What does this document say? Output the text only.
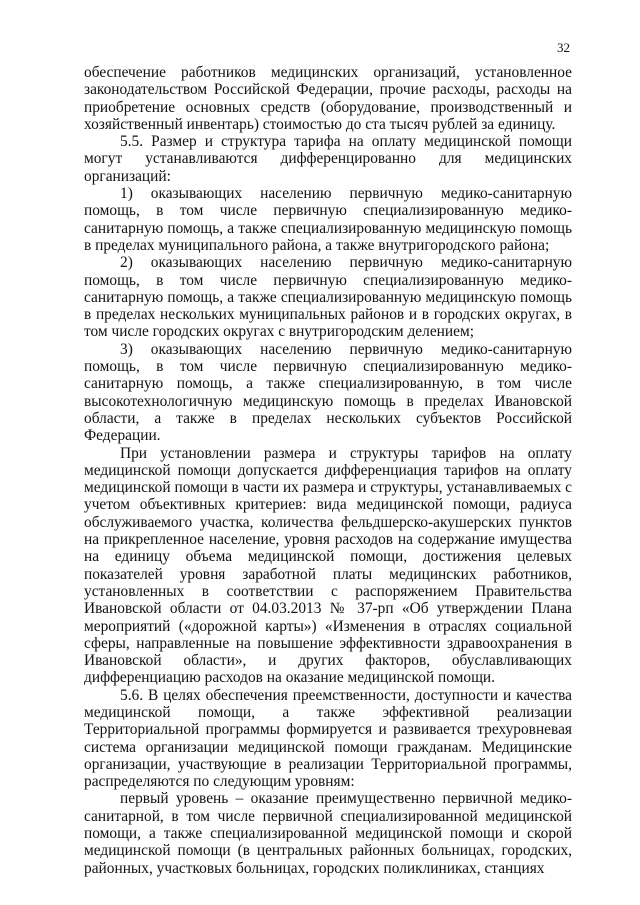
32

обеспечение работников медицинских организаций, установленное законодательством Российской Федерации, прочие расходы, расходы на приобретение основных средств (оборудование, производственный и хозяйственный инвентарь) стоимостью до ста тысяч рублей за единицу.

5.5. Размер и структура тарифа на оплату медицинской помощи могут устанавливаются дифференцированно для медицинских организаций:

1) оказывающих населению первичную медико-санитарную помощь, в том числе первичную специализированную медико-санитарную помощь, а также специализированную медицинскую помощь в пределах муниципального района, а также внутригородского района;

2) оказывающих населению первичную медико-санитарную помощь, в том числе первичную специализированную медико-санитарную помощь, а также специализированную медицинскую помощь в пределах нескольких муниципальных районов и в городских округах, в том числе городских округах с внутригородским делением;

3) оказывающих населению первичную медико-санитарную помощь, в том числе первичную специализированную медико-санитарную помощь, а также специализированную, в том числе высокотехнологичную медицинскую помощь в пределах Ивановской области, а также в пределах нескольких субъектов Российской Федерации.

При установлении размера и структуры тарифов на оплату медицинской помощи допускается дифференциация тарифов на оплату медицинской помощи в части их размера и структуры, устанавливаемых с учетом объективных критериев: вида медицинской помощи, радиуса обслуживаемого участка, количества фельдшерско-акушерских пунктов на прикрепленное население, уровня расходов на содержание имущества на единицу объема медицинской помощи, достижения целевых показателей уровня заработной платы медицинских работников, установленных в соответствии с распоряжением Правительства Ивановской области от 04.03.2013 № 37-рп «Об утверждении Плана мероприятий («дорожной карты») «Изменения в отраслях социальной сферы, направленные на повышение эффективности здравоохранения в Ивановской области», и других факторов, обуславливающих дифференциацию расходов на оказание медицинской помощи.

5.6. В целях обеспечения преемственности, доступности и качества медицинской помощи, а также эффективной реализации Территориальной программы формируется и развивается трехуровневая система организации медицинской помощи гражданам. Медицинские организации, участвующие в реализации Территориальной программы, распределяются по следующим уровням:

первый уровень – оказание преимущественно первичной медико-санитарной, в том числе первичной специализированной медицинской помощи, а также специализированной медицинской помощи и скорой медицинской помощи (в центральных районных больницах, городских, районных, участковых больницах, городских поликлиниках, станциях
